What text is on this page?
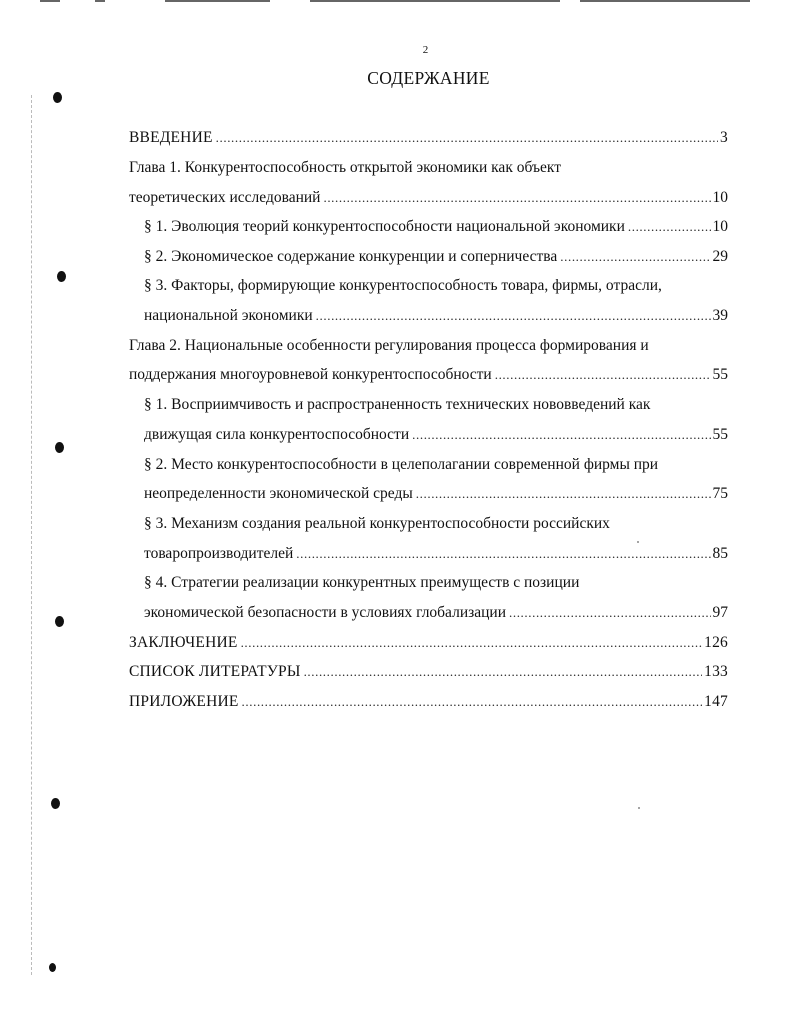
2
СОДЕРЖАНИЕ
ВВЕДЕНИЕ .....	3
Глава 1. Конкурентоспособность открытой экономики как объект
теоретических исследований .....	10
§ 1. Эволюция теорий конкурентоспособности национальной экономики .....	10
§ 2. Экономическое содержание конкуренции и соперничества .....	29
§ 3. Факторы, формирующие конкурентоспособность товара, фирмы, отрасли,
национальной экономики .....	39
Глава 2. Национальные особенности регулирования процесса формирования и
поддержания многоуровневой конкурентоспособности .....	55
§ 1. Восприимчивость и распространенность технических нововведений как
движущая сила конкурентоспособности .....	55
§ 2. Место конкурентоспособности в целеполагании современной фирмы при
неопределенности экономической среды .....	75
§ 3. Механизм создания реальной конкурентоспособности российских
товаропроизводителей .....	85
§ 4. Стратегии реализации конкурентных преимуществ с позиции
экономической безопасности в условиях глобализации .....	97
ЗАКЛЮЧЕНИЕ .....	126
СПИСОК ЛИТЕРАТУРЫ .....	133
ПРИЛОЖЕНИЕ .....	147
